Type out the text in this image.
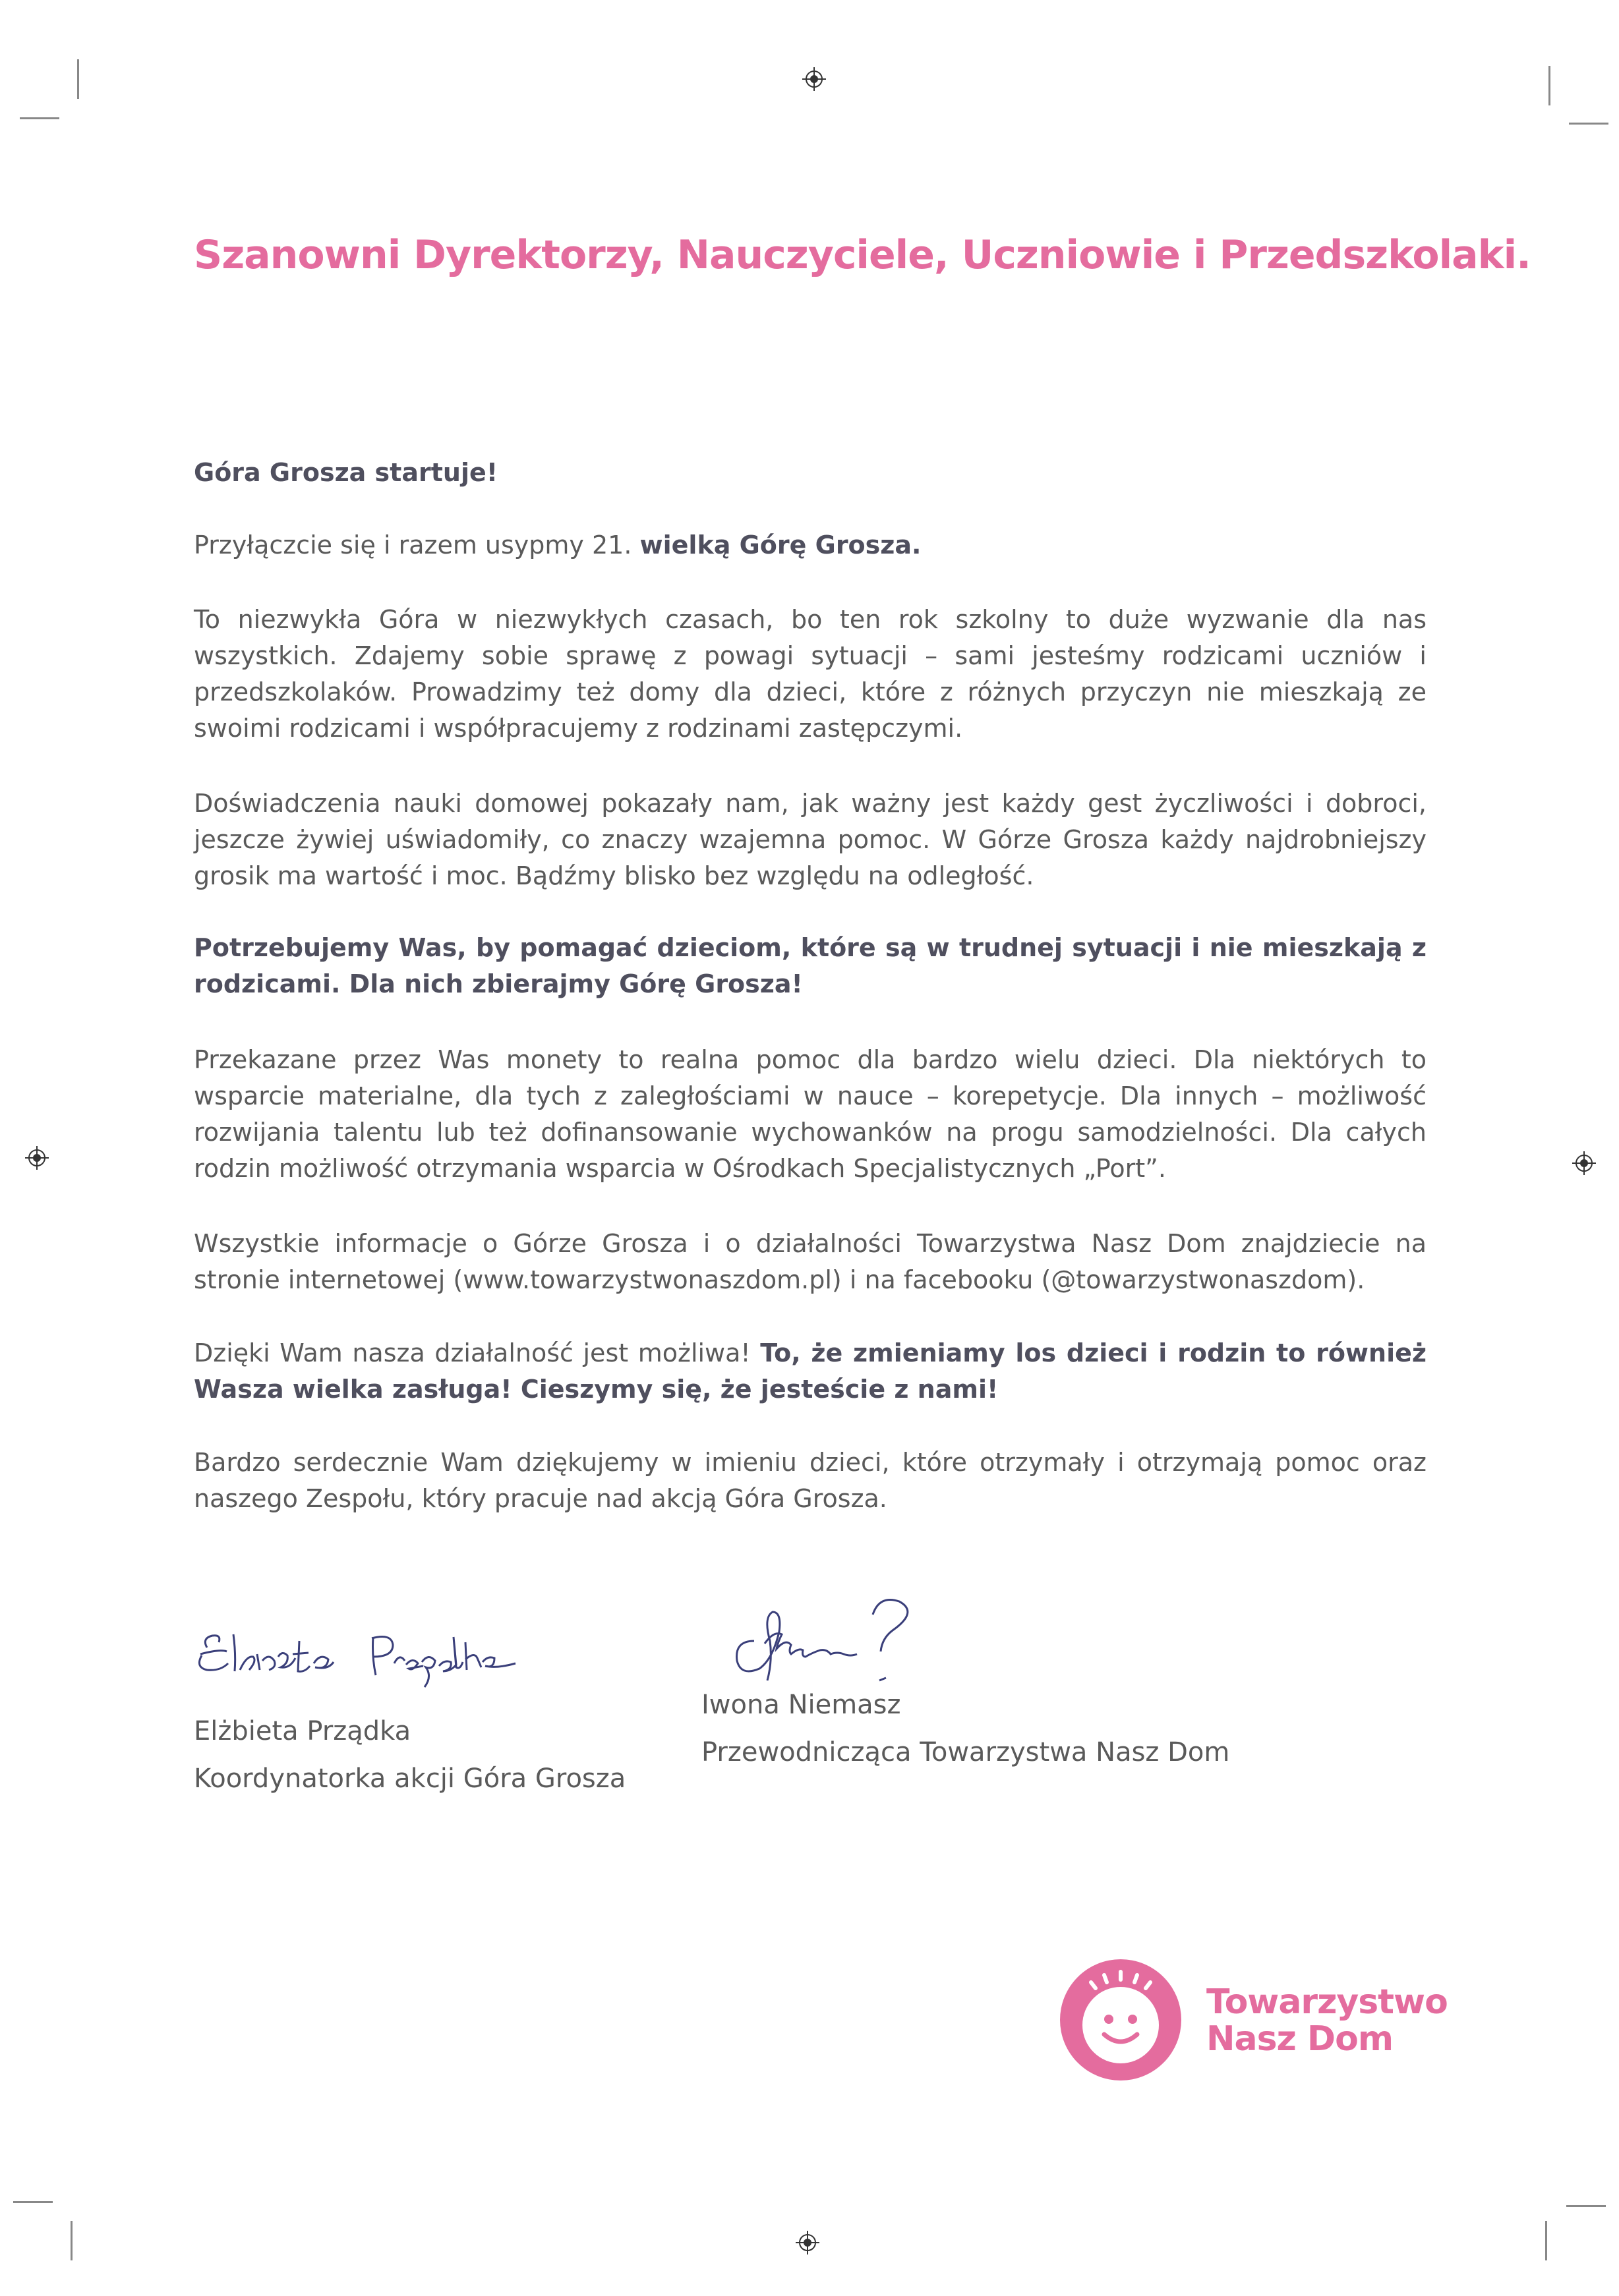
Szanowni Dyrektorzy, Nauczyciele, Uczniowie i Przedszkolaki.
Góra Grosza startuje!
Przyłączcie się i razem usypmy 21. wielką Górę Grosza.
To niezwykła Góra w niezwykłych czasach, bo ten rok szkolny to duże wyzwanie dla nas wszystkich. Zdajemy sobie sprawę z powagi sytuacji – sami jesteśmy rodzicami uczniów i przedszkolaków. Prowadzimy też domy dla dzieci, które z różnych przyczyn nie mieszkają ze swoimi rodzicami i współpracujemy z rodzinami zastępczymi.
Doświadczenia nauki domowej pokazały nam, jak ważny jest każdy gest życzliwości i dobroci, jeszcze żywiej uświadomiły, co znaczy wzajemna pomoc. W Górze Grosza każdy najdrobniejszy grosik ma wartość i moc. Bądźmy blisko bez względu na odległość.
Potrzebujemy Was, by pomagać dzieciom, które są w trudnej sytuacji i nie mieszkają z rodzicami. Dla nich zbierajmy Górę Grosza!
Przekazane przez Was monety to realna pomoc dla bardzo wielu dzieci. Dla niektórych to wsparcie materialne, dla tych z zaległościami w nauce – korepetycje. Dla innych – możliwość rozwijania talentu lub też dofinansowanie wychowanków na progu samodzielności. Dla całych rodzin możliwość otrzymania wsparcia w Ośrodkach Specjalistycznych „Port”.
Wszystkie informacje o Górze Grosza i o działalności Towarzystwa Nasz Dom znajdziecie na stronie internetowej (www.towarzystwonaszdom.pl) i na facebooku (@towarzystwonaszdom).
Dzięki Wam nasza działalność jest możliwa! To, że zmieniamy los dzieci i rodzin to również Wasza wielka zasługa! Cieszymy się, że jesteście z nami!
Bardzo serdecznie Wam dziękujemy w imieniu dzieci, które otrzymały i otrzymają pomoc oraz naszego Zespołu, który pracuje nad akcją Góra Grosza.
Elżbieta Prządka
Koordynatorka akcji Góra Grosza
Iwona Niemasz
Przewodnicząca Towarzystwa Nasz Dom
Towarzystwo
Nasz Dom
